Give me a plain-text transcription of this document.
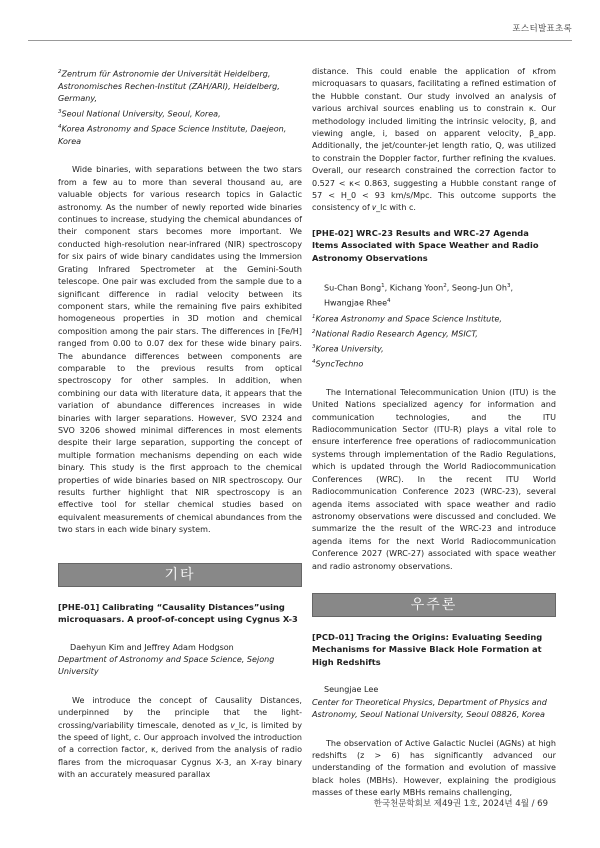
포스터발표초록

$^2$Zentrum für Astronomie der Universität Heidelberg, Astronomisches Rechen-Institut (ZAH/ARI), Heidelberg, Germany,

$^3$Seoul National University, Seoul, Korea,

$^4$Korea Astronomy and Space Science Institute, Daejeon, Korea

Wide binaries, with separations between the two stars from a few au to more than several thousand au, are valuable objects for various research topics in Galactic astronomy. As the number of newly reported wide binaries continues to increase, studying the chemical abundances of their component stars becomes more important. We conducted high-resolution near-infrared (NIR) spectroscopy for six pairs of wide binary candidates using the Immersion Grating Infrared Spectrometer at the Gemini-South telescope. One pair was excluded from the sample due to a significant difference in radial velocity between its component stars, while the remaining five pairs exhibited homogeneous properties in 3D motion and chemical composition among the pair stars. The differences in [Fe/H] ranged from 0.00 to 0.07 dex for these wide binary pairs. The abundance differences between components are comparable to the previous results from optical spectroscopy for other samples. In addition, when combining our data with literature data, it appears that the variation of abundance differences increases in wide binaries with larger separations. However, SVO 2324 and SVO 3206 showed minimal differences in most elements despite their large separation, supporting the concept of multiple formation mechanisms depending on each wide binary. This study is the first approach to the chemical properties of wide binaries based on NIR spectroscopy. Our results further highlight that NIR spectroscopy is an effective tool for stellar chemical studies based on equivalent measurements of chemical abundances from the two stars in each wide binary system.

기타

[PHE-01] Calibrating “Causality Distances”using microquasars. A proof-of-concept using Cygnus X-3

Daehyun Kim and Jeffrey Adam Hodgson

Department of Astronomy and Space Science, Sejong University

We introduce the concept of Causality Distances, underpinned by the principle that the light-crossing/variability timescale, denoted as 𝑣_lc, is limited by the speed of light, c. Our approach involved the introduction of a correction factor, κ, derived from the analysis of radio flares from the microquasar Cygnus X-3, an X-ray binary with an accurately measured parallax

distance. This could enable the application of κfrom microquasars to quasars, facilitating a refined estimation of the Hubble constant. Our study involved an analysis of various archival sources enabling us to constrain κ. Our methodology included limiting the intrinsic velocity, β, and viewing angle, i, based on apparent velocity, β_app. Additionally, the jet/counter-jet length ratio, Q, was utilized to constrain the Doppler factor, further refining the κvalues. Overall, our research constrained the correction factor to 0.527 < κ< 0.863, suggesting a Hubble constant range of 57 < H_0 < 93 km/s/Mpc. This outcome supports the consistency of 𝑣_lc with c.

[PHE-02] WRC-23 Results and WRC-27 Agenda Items Associated with Space Weather and Radio Astronomy Observations

Su-Chan Bong$^1$, Kichang Yoon$^2$, Seong-Jun Oh$^3$,
Hwangjae Rhee$^4$

$^1$Korea Astronomy and Space Science Institute,

$^2$National Radio Research Agency, MSICT,

$^3$Korea University,

$^4$SyncTechno

The International Telecommunication Union (ITU) is the United Nations specialized agency for information and communication technologies, and the ITU Radiocommunication Sector (ITU-R) plays a vital role to ensure interference free operations of radiocommunication systems through implementation of the Radio Regulations, which is updated through the World Radiocommunication Conferences (WRC). In the recent ITU World Radiocommunication Conference 2023 (WRC-23), several agenda items associated with space weather and radio astronomy observations were discussed and concluded. We summarize the the result of the WRC-23 and introduce agenda items for the next World Radiocommunication Conference 2027 (WRC-27) associated with space weather and radio astronomy observations.

우주론

[PCD-01] Tracing the Origins: Evaluating Seeding Mechanisms for Massive Black Hole Formation at High Redshifts

Seungjae Lee

Center for Theoretical Physics, Department of Physics and Astronomy, Seoul National University, Seoul 08826, Korea

The observation of Active Galactic Nuclei (AGNs) at high redshifts (z > 6) has significantly advanced our understanding of the formation and evolution of massive black holes (MBHs). However, explaining the prodigious masses of these early MBHs remains challenging,

한국천문학회보 제49권 1호, 2024년 4월 / 69
